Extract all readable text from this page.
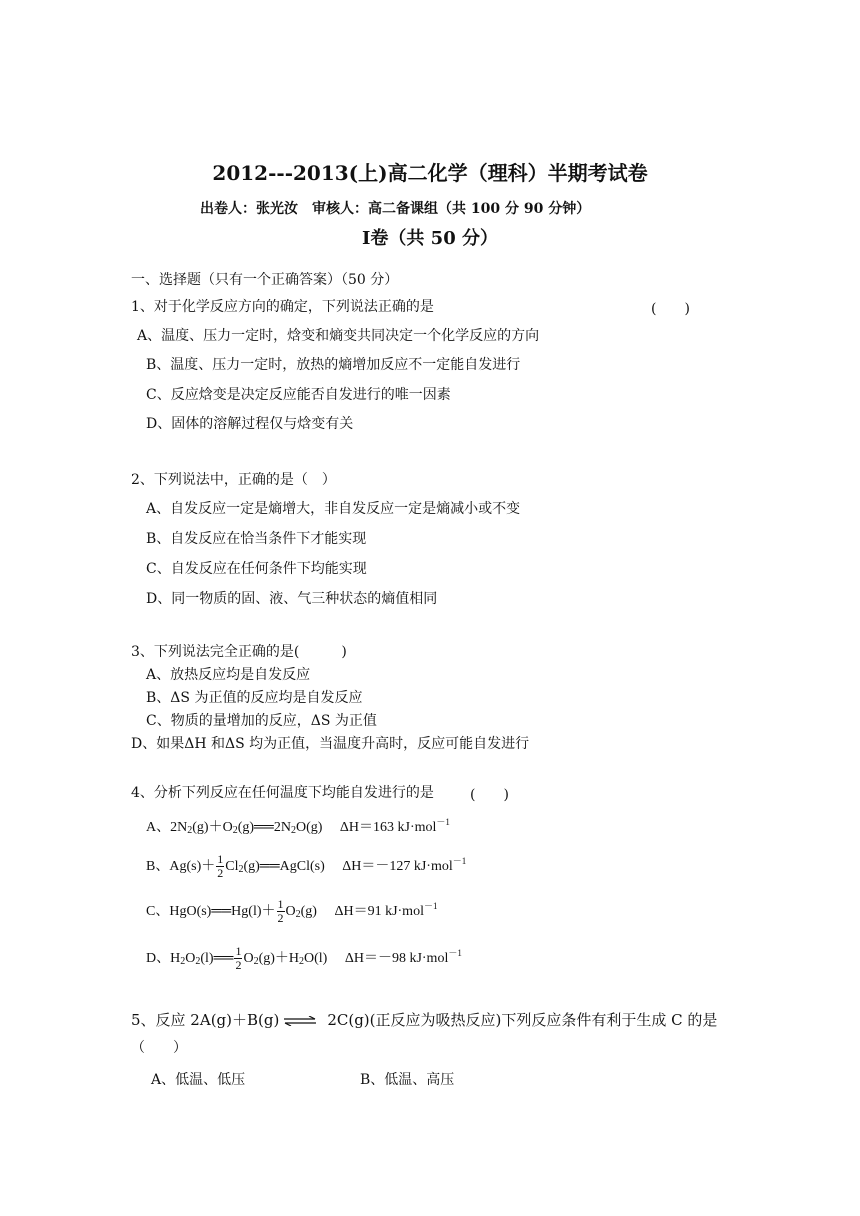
2012---2013(上)高二化学（理科）半期考试卷
出卷人：张光汝　审核人：高二备课组（共 100 分 90 分钟）
Ⅰ卷（共 50 分）
一、选择题（只有一个正确答案）（50 分）
1、对于化学反应方向的确定，下列说法正确的是	(　　)
A、温度、压力一定时，焓变和熵变共同决定一个化学反应的方向
B、温度、压力一定时，放热的熵增加反应不一定能自发进行
C、反应焓变是决定反应能否自发进行的唯一因素
D、固体的溶解过程仅与焓变有关
2、下列说法中，正确的是（　）
A、自发反应一定是熵增大，非自发反应一定是熵减小或不变
B、自发反应在恰当条件下才能实现
C、自发反应在任何条件下均能实现
D、同一物质的固、液、气三种状态的熵值相同
3、下列说法完全正确的是(　　　)
A、放热反应均是自发反应
B、ΔS 为正值的反应均是自发反应
C、物质的量增加的反应，ΔS 为正值
D、如果ΔH 和ΔS 均为正值，当温度升高时，反应可能自发进行
4、分析下列反应在任何温度下均能自发进行的是	(　　)
A、$2N_2(g)+O_2(g)══2N_2O(g)$ ΔH＝163 kJ·mol$^{-1}$
B、$Ag(s)+ \frac{1}{2}$ $Cl_2(g)══AgCl(s)$ ΔH＝－127 kJ·mol$^{-1}$
C、HgO(s)══Hg(l)＋ $\frac{1}{2} O_2(g)$ ΔH＝91 kJ·mol$^{-1}$
D、$H_2O_2(l)══ \frac{1}{2} O_2(g)+H_2O(l)$ ΔH＝－98 kJ·mol$^{-1}$
5、反应 2A(g)＋B(g) ⇌ 2C(g)(正反应为吸热反应)下列反应条件有利于生成 C 的是
（　　）
A、低温、低压	B、低温、高压
